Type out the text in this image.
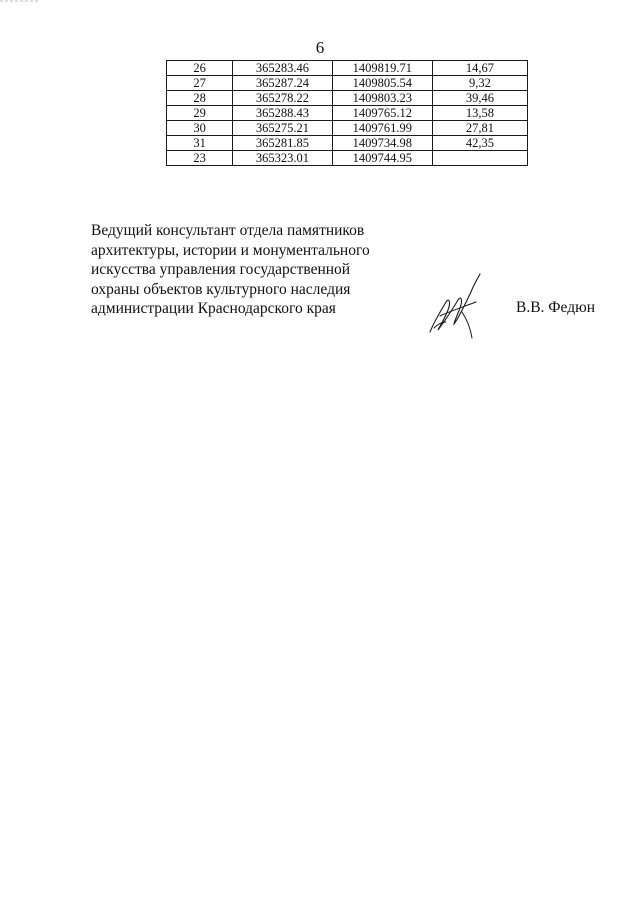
6
26	365283.46	1409819.71	14,67
27	365287.24	1409805.54	9,32
28	365278.22	1409803.23	39,46
29	365288.43	1409765.12	13,58
30	365275.21	1409761.99	27,81
31	365281.85	1409734.98	42,35
23	365323.01	1409744.95	
Ведущий консультант отдела памятников
архитектуры, истории и монументального
искусства управления государственной
охраны объектов культурного наследия
администрации Краснодарского края	В.В. Федюн
